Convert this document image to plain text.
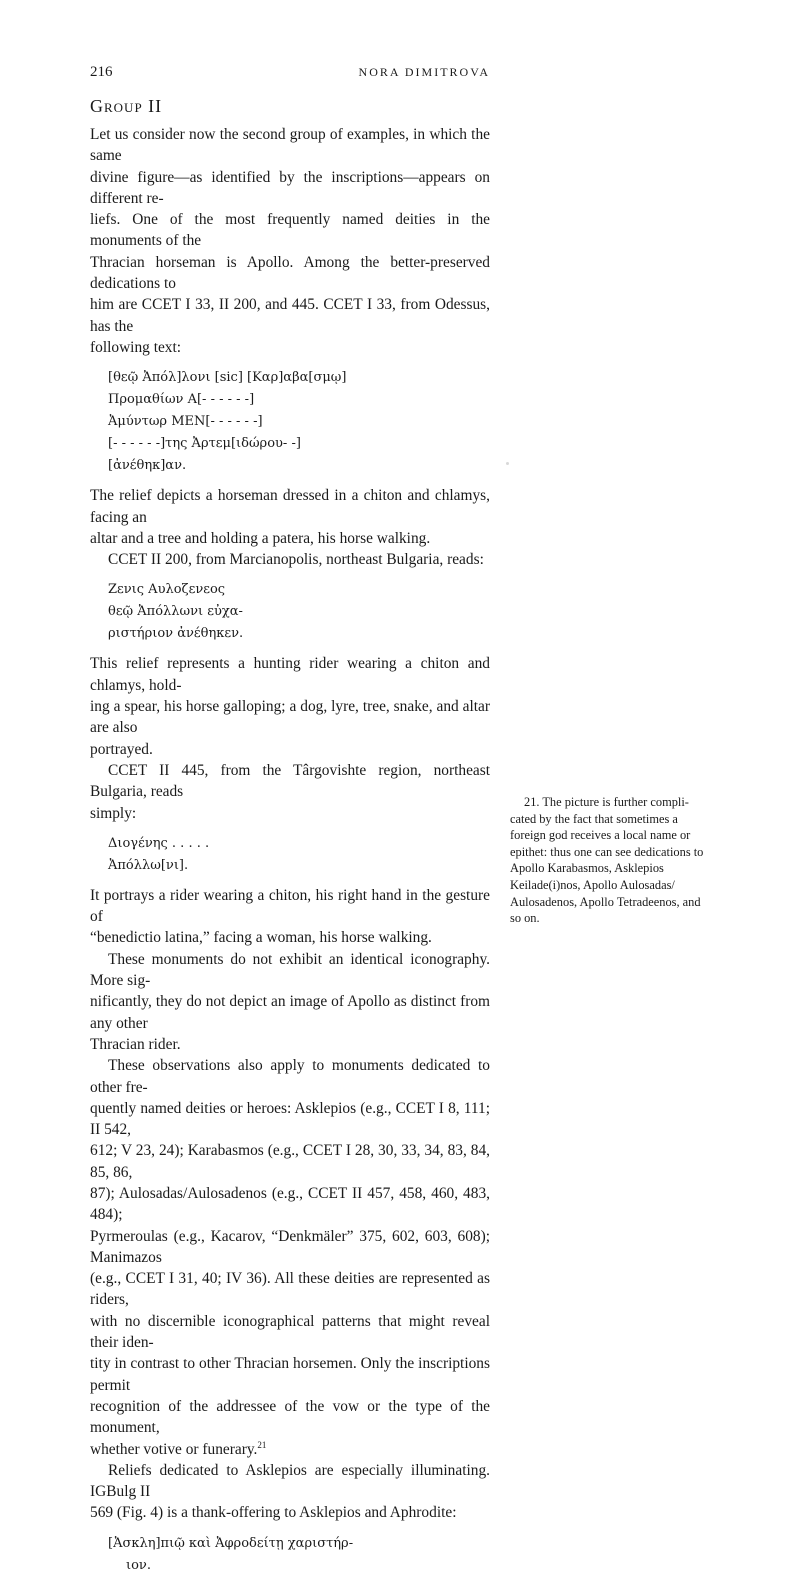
216	NORA DIMITROVA
Group II

Let us consider now the second group of examples, in which the same
divine figure—as identified by the inscriptions—appears on different re-
liefs. One of the most frequently named deities in the monuments of the
Thracian horseman is Apollo. Among the better-preserved dedications to
him are CCET I 33, II 200, and 445. CCET I 33, from Odessus, has the
following text:

[θεῷ Ἀπόλ]λονι [sic] [Καρ]αβα[σμῳ]
Προμαθίων Α[- - - - - -]
Ἀμύντωρ ΜΕΝ[- - - - - -]
[- - - - - -]της Ἀρτεμ[ιδώρου- -]
[ἀνέθηκ]αν.

The relief depicts a horseman dressed in a chiton and chlamys, facing an
altar and a tree and holding a patera, his horse walking.

CCET II 200, from Marcianopolis, northeast Bulgaria, reads:

Ζενις Αυλοζενεος
θεῷ Ἀπόλλωνι εὐχα-
ριστήριον ἀνέθηκεν.

This relief represents a hunting rider wearing a chiton and chlamys, hold-
ing a spear, his horse galloping; a dog, lyre, tree, snake, and altar are also
portrayed.

CCET II 445, from the Târgovishte region, northeast Bulgaria, reads
simply:

Διογένης . . . . .
Ἀπόλλω[νι].

It portrays a rider wearing a chiton, his right hand in the gesture of
“benedictio latina,” facing a woman, his horse walking.

These monuments do not exhibit an identical iconography. More sig-
nificantly, they do not depict an image of Apollo as distinct from any other
Thracian rider.

These observations also apply to monuments dedicated to other fre-
quently named deities or heroes: Asklepios (e.g., CCET I 8, 111; II 542,
612; V 23, 24); Karabasmos (e.g., CCET I 28, 30, 33, 34, 83, 84, 85, 86,
87); Aulosadas/Aulosadenos (e.g., CCET II 457, 458, 460, 483, 484);
Pyrmeroulas (e.g., Kacarov, “Denkmäler” 375, 602, 603, 608); Manimazos
(e.g., CCET I 31, 40; IV 36). All these deities are represented as riders,
with no discernible iconographical patterns that might reveal their iden-
tity in contrast to other Thracian horsemen. Only the inscriptions permit
recognition of the addressee of the vow or the type of the monument,
whether votive or funerary.$^{21}$

Reliefs dedicated to Asklepios are especially illuminating. IGBulg II
569 (Fig. 4) is a thank-offering to Asklepios and Aphrodite:

[Ἀσκλη]πιῷ καὶ Ἀφροδείτῃ χαριστήρ-
ιον.
21. The picture is further compli-
cated by the fact that sometimes a
foreign god receives a local name or
epithet: thus one can see dedications to
Apollo Karabasmos, Asklepios
Keilade(i)nos, Apollo Aulosadas/
Aulosadenos, Apollo Tetradeenos, and
so on.
